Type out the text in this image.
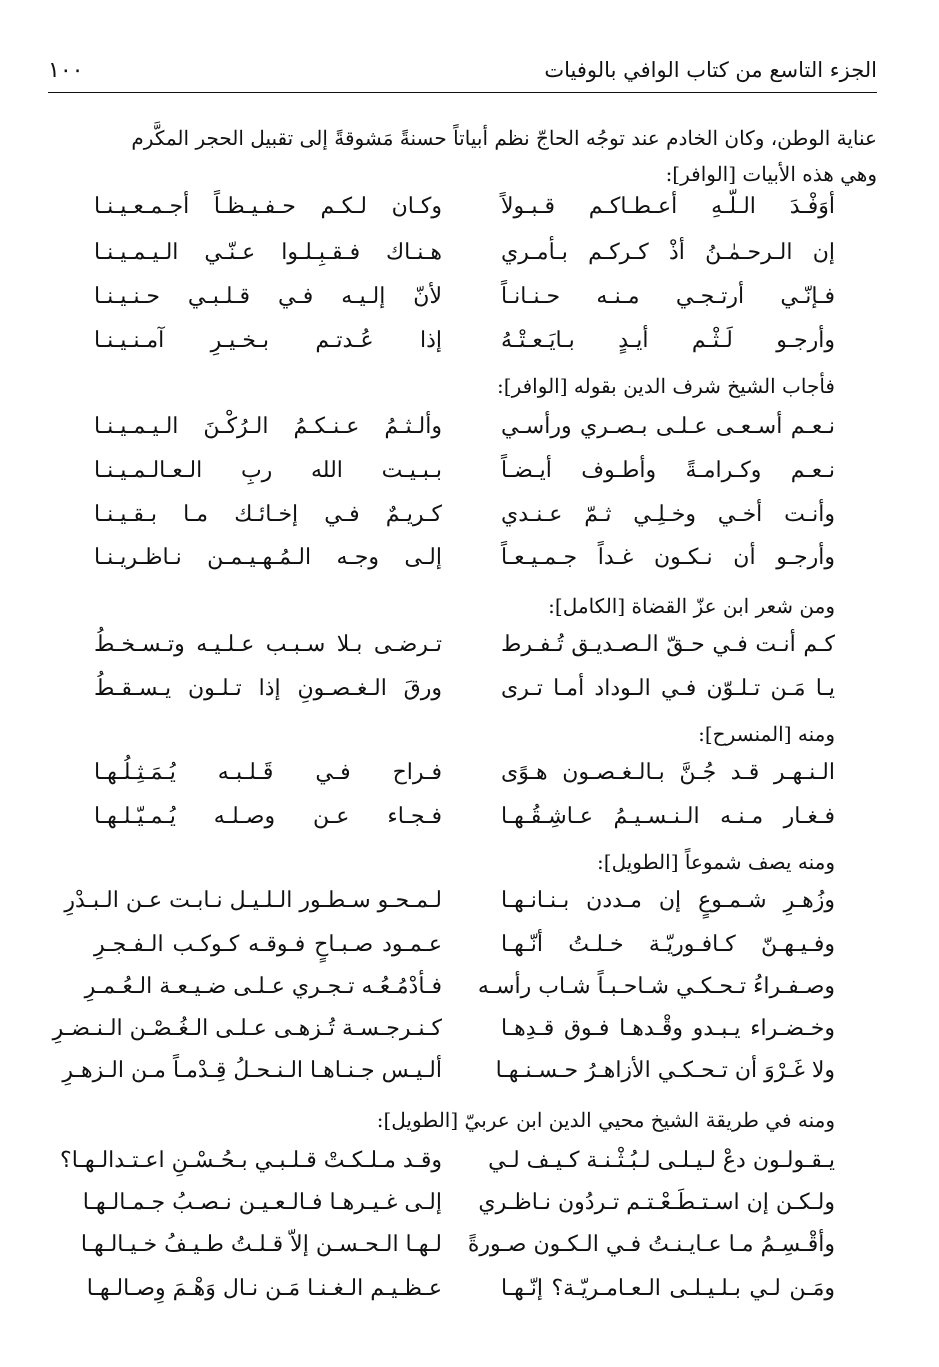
الجزء التاسع من كتاب الوافي بالوفيات
١٠٠
عناية الوطن، وكان الخادم عند توجُه الحاجّ نظم أبياتاً حسنةً مَشوقةً إلى تقبيل الحجر المكَّرم
وهي هذه الأبيات [الوافر]:
أوَفْـدَ الـلّـهِ أعـطـاكـم قـبـولاً
وكـان لـكـم حـفـيـظـاً أجـمـعـيـنـا
إن الـرحـمٰـنُ أذْ كـركـم بـأمـري
هـنـاك فـقـبِـلـوا عـنّـي الـيـمـيـنـا
فـإنّـي أرتـجـي مـنـه حـنـانـاً
لأنّ إلـيـه فـي قـلـبـي حـنـيـنـا
وأرجـو لَـثْـم أيـدٍ بـايَـعـتْـهُ
إذا عُـدتـم بـخـيـرِ آمـنـيـنـا
فأجاب الشيخ شرف الدين بقوله [الوافر]:
نـعـم أسـعـى عـلـى بـصـري ورأسـي
وألـثـمُ عـنـكـمُ الـرُكْـنَ الـيـمـيـنـا
نـعـم وكـرامـةً وأطـوف أيـضـاً
بـبـيـت الله ربِ الـعـالـمـيـنـا
وأنـت أخـي وخـلِـي ثـمّ عـنـدي
كـريـمٌ فـي إخـائـك مـا بـقـيـنـا
وأرجـو أن نـكـون غـداً جـمـيـعـاً
إلـى وجـه الـمُـهـيـمـن نـاظـريـنـا
ومن شعر ابن عزّ القضاة [الكامل]:
كـم أنـت فـي حـقّ الـصـديـق تُـفـرط
تـرضـى بـلا سـبـب عـلـيـه وتـسـخـطُ
يـا مَـن تـلـوّن فـي الـوداد أمـا تـرى
ورقَ الـغـصـونِ إذا تـلـون يـسـقـطُ
ومنه [المنسرح]:
الـنـهـر قـد جُـنَّ بـالـغـصـون هـوًى
فـراح فـي قَـلـبـه يُـمَـثِـلُـهـا
فـغـار مـنـه الـنـسـيـمُ عـاشِـقُـهـا
فـجـاء عـن وصـلـه يُـمـيّـلـهـا
ومنه يصف شموعاً [الطويل]:
وزُهـرِ شـمـوعٍ إن مـددن بـنـانـهـا
لـمـحـو سـطـور الـلـيـل نـابـت عـن الـبـدْرِ
وفـيـهـنّ كـافـوريّـة خـلـتُ أنّـهـا
عـمـود صـبـاحٍ فـوقـه كـوكـب الـفـجـرِ
وصـفـراءُ تـحـكـي شـاحـبـاً شـاب رأسـه
فـأدْمُـعُـه تـجـري عـلـى ضـيـعـة الـعُـمـرِ
وخـضـراء يـبـدو وقْـدهـا فـوق قـدِهـا
كـنـرجـسـة تُـزهـى عـلـى الـغُـصْـن الـنـضـرِ
ولا غَـرْوَ أن تـحـكـي الأزاهـرُ حـسـنـهـا
ألـيـس جـنـاهـا الـنـحـلُ قِـدْمـاً مـن الـزهـرِ
ومنه في طريقة الشيخ محيي الدين ابن عربيّ [الطويل]:
يـقـولـون دعْ لـيـلـى لـبُـثْـنـة كـيـف لـي
وقـد مـلـكـتْ قـلـبـي بـحُـسْـنِ اعـتـدالـهـا؟
ولـكـن إن اسـتـطَـعْـتـم تـردُون نـاظـري
إلـى غـيـرهـا فـالـعـيـن نـصـبُ جـمـالـهـا
وأقْـسِـمُ مـا عـايـنـتُ فـي الـكـون صـورةً
لـهـا الـحـسـن إلاّ قـلـتُ طـيـفُ خـيـالـهـا
ومَـن لـي بـلـيـلـى الـعـامـريّـة؟ إنّـهـا
عـظـيـم الـغـنـا مَـن نـال وَهْـمَ وِصـالـهـا
